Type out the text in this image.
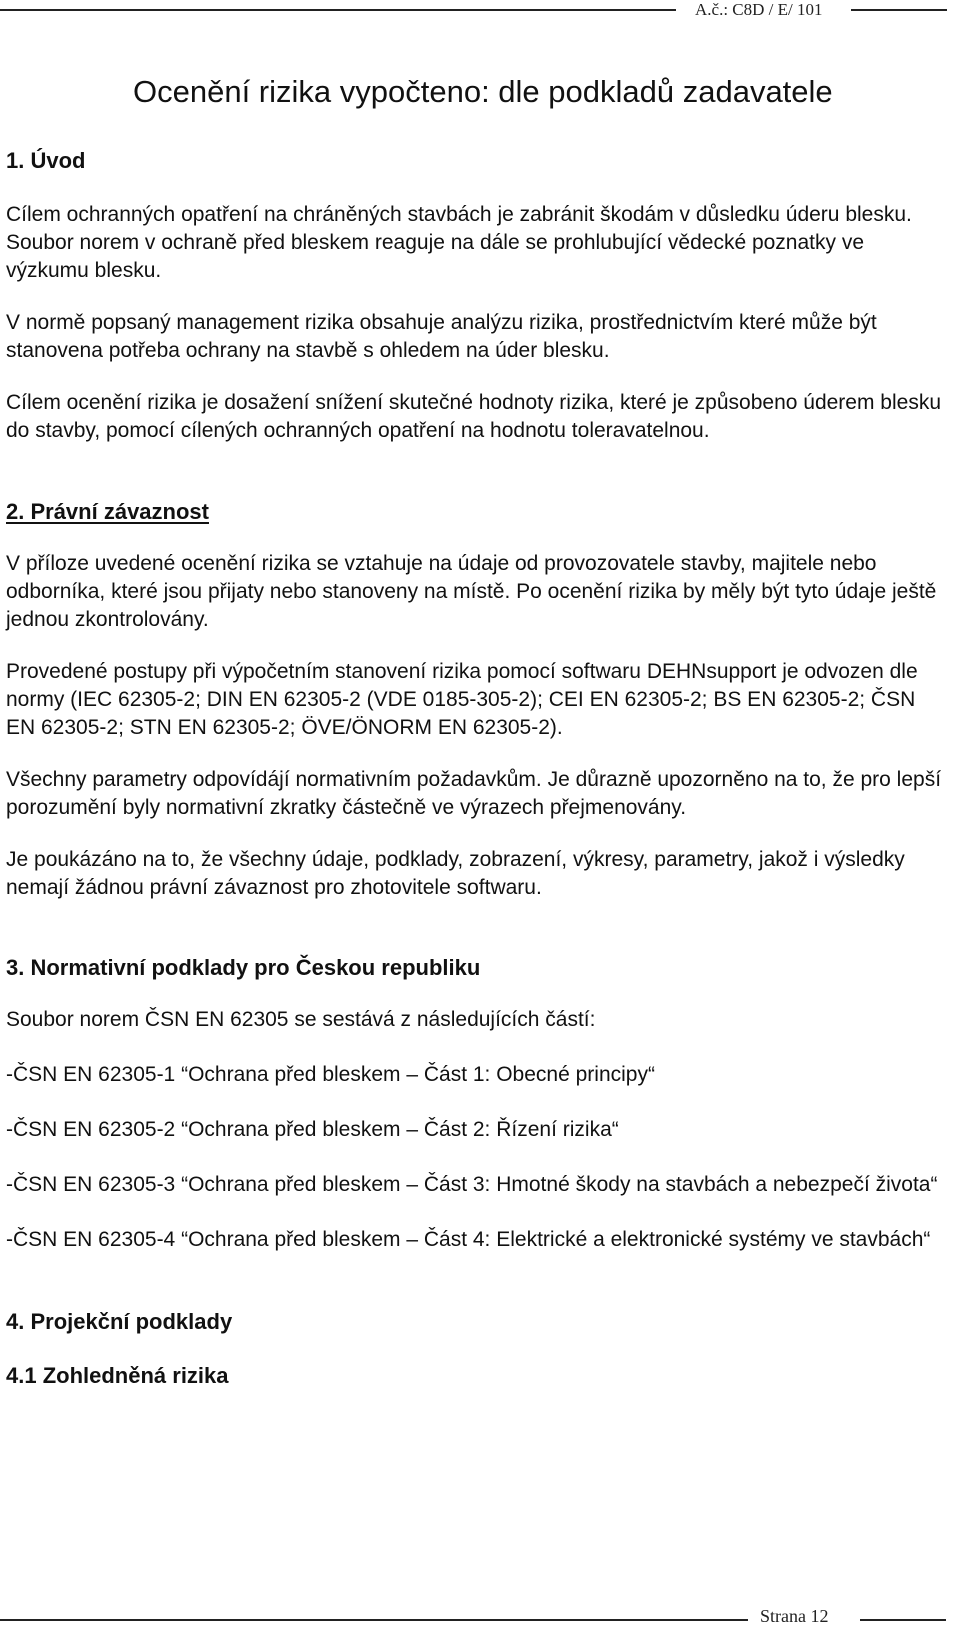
A.č.: C8D / E/ 101
Ocenění rizika vypočteno: dle podkladů zadavatele
1. Úvod

Cílem ochranných opatření na chráněných stavbách je zabránit škodám v důsledku úderu blesku. Soubor norem v ochraně před bleskem reaguje na dále se prohlubující vědecké poznatky ve výzkumu blesku.

V normě popsaný management rizika obsahuje analýzu rizika, prostřednictvím které může být stanovena potřeba ochrany na stavbě s ohledem na úder blesku.

Cílem ocenění rizika je dosažení snížení skutečné hodnoty rizika, které je způsobeno úderem blesku do stavby, pomocí cílených ochranných opatření na hodnotu toleravatelnou.

2. Právní závaznost

V příloze uvedené ocenění rizika se vztahuje na údaje od provozovatele stavby, majitele nebo odborníka, které jsou přijaty nebo stanoveny na místě. Po ocenění rizika by měly být tyto údaje ještě jednou zkontrolovány.

Provedené postupy při výpočetním stanovení rizika pomocí softwaru DEHNsupport je odvozen dle normy (IEC 62305-2; DIN EN 62305-2 (VDE 0185-305-2); CEI EN 62305-2; BS EN 62305-2; ČSN EN 62305-2; STN EN 62305-2; ÖVE/ÖNORM EN 62305-2).

Všechny parametry odpovídájí normativním požadavkům. Je důrazně upozorněno na to, že pro lepší porozumění byly normativní zkratky částečně ve výrazech přejmenovány.

Je poukázáno na to, že všechny údaje, podklady, zobrazení, výkresy, parametry, jakož i výsledky nemají žádnou právní závaznost pro zhotovitele softwaru.

3. Normativní podklady pro Českou republiku

Soubor norem ČSN EN 62305 se sestává z následujících částí:

-ČSN EN 62305-1 “Ochrana před bleskem – Část 1: Obecné principy“

-ČSN EN 62305-2 “Ochrana před bleskem – Část 2: Řízení rizika“

-ČSN EN 62305-3 “Ochrana před bleskem – Část 3: Hmotné škody na stavbách a nebezpečí života“

-ČSN EN 62305-4 “Ochrana před bleskem – Část 4: Elektrické a elektronické systémy ve stavbách“

4. Projekční podklady
4.1 Zohledněná rizika
Strana 12
